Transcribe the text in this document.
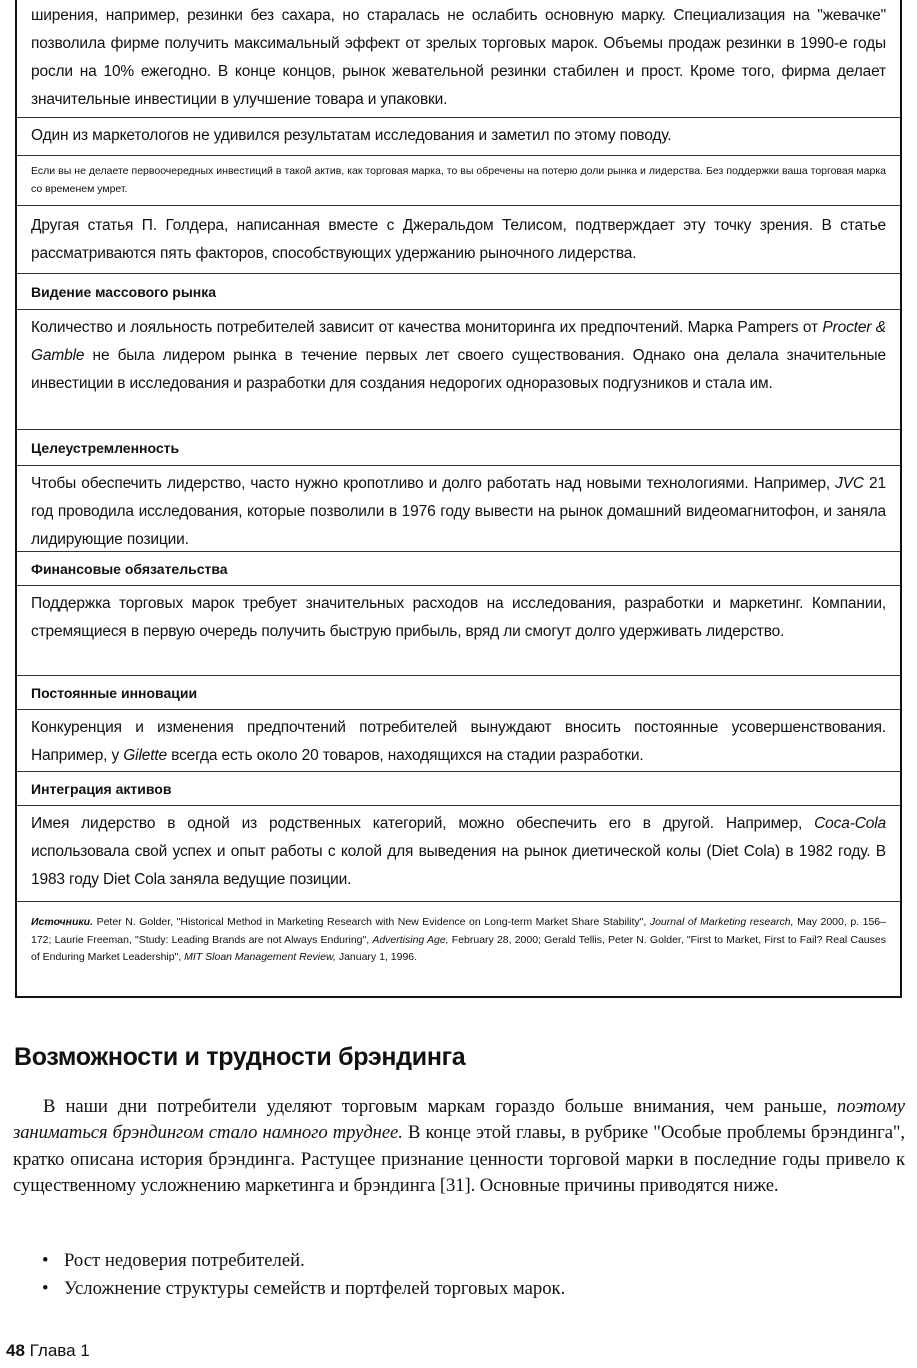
ширения, например, резинки без сахара, но старалась не ослабить основную марку. Специализация на "жевачке" позволила фирме получить максимальный эффект от зрелых торговых марок. Объемы продаж резинки в 1990-е годы росли на 10% ежегодно. В конце концов, рынок жевательной резинки стабилен и прост. Кроме того, фирма делает значительные инвестиции в улучшение товара и упаковки.

Один из маркетологов не удивился результатам исследования и заметил по этому поводу.

Если вы не делаете первоочередных инвестиций в такой актив, как торговая марка, то вы обречены на потерю доли рынка и лидерства. Без поддержки ваша торговая марка со временем умрет.

Другая статья П. Голдера, написанная вместе с Джеральдом Телисом, подтверждает эту точку зрения. В статье рассматриваются пять факторов, способствующих удержанию рыночного лидерства.

Видение массового рынка

Количество и лояльность потребителей зависит от качества мониторинга их предпочтений. Марка Pampers от Procter & Gamble не была лидером рынка в течение первых лет своего существования. Однако она делала значительные инвестиции в исследования и разработки для создания недорогих одноразовых подгузников и стала им.

Целеустремленность

Чтобы обеспечить лидерство, часто нужно кропотливо и долго работать над новыми технологиями. Например, JVC 21 год проводила исследования, которые позволили в 1976 году вывести на рынок домашний видеомагнитофон, и заняла лидирующие позиции.

Финансовые обязательства

Поддержка торговых марок требует значительных расходов на исследования, разработки и маркетинг. Компании, стремящиеся в первую очередь получить быструю прибыль, вряд ли смогут долго удерживать лидерство.

Постоянные инновации

Конкуренция и изменения предпочтений потребителей вынуждают вносить постоянные усовершенствования. Например, у Gilette всегда есть около 20 товаров, находящихся на стадии разработки.

Интеграция активов

Имея лидерство в одной из родственных категорий, можно обеспечить его в другой. Например, Coca-Cola использовала свой успех и опыт работы с колой для выведения на рынок диетической колы (Diet Cola) в 1982 году. В 1983 году Diet Cola заняла ведущие позиции.

Источники. Peter N. Golder, "Historical Method in Marketing Research with New Evidence on Long-term Market Share Stability", Journal of Marketing research, May 2000, p. 156–172; Laurie Freeman, "Study: Leading Brands are not Always Enduring", Advertising Age, February 28, 2000; Gerald Tellis, Peter N. Golder, "First to Market, First to Fail? Real Causes of Enduring Market Leadership", MIT Sloan Management Review, January 1, 1996.

Возможности и трудности брэндинга

В наши дни потребители уделяют торговым маркам гораздо больше внимания, чем раньше, поэтому заниматься брэндингом стало намного труднее. В конце этой главы, в рубрике "Особые проблемы брэндинга", кратко описана история брэндинга. Растущее признание ценности торговой марки в последние годы привело к существенному усложнению маркетинга и брэндинга [31]. Основные причины приводятся ниже.

• Рост недоверия потребителей.
• Усложнение структуры семейств и портфелей торговых марок.

48 Глава 1
